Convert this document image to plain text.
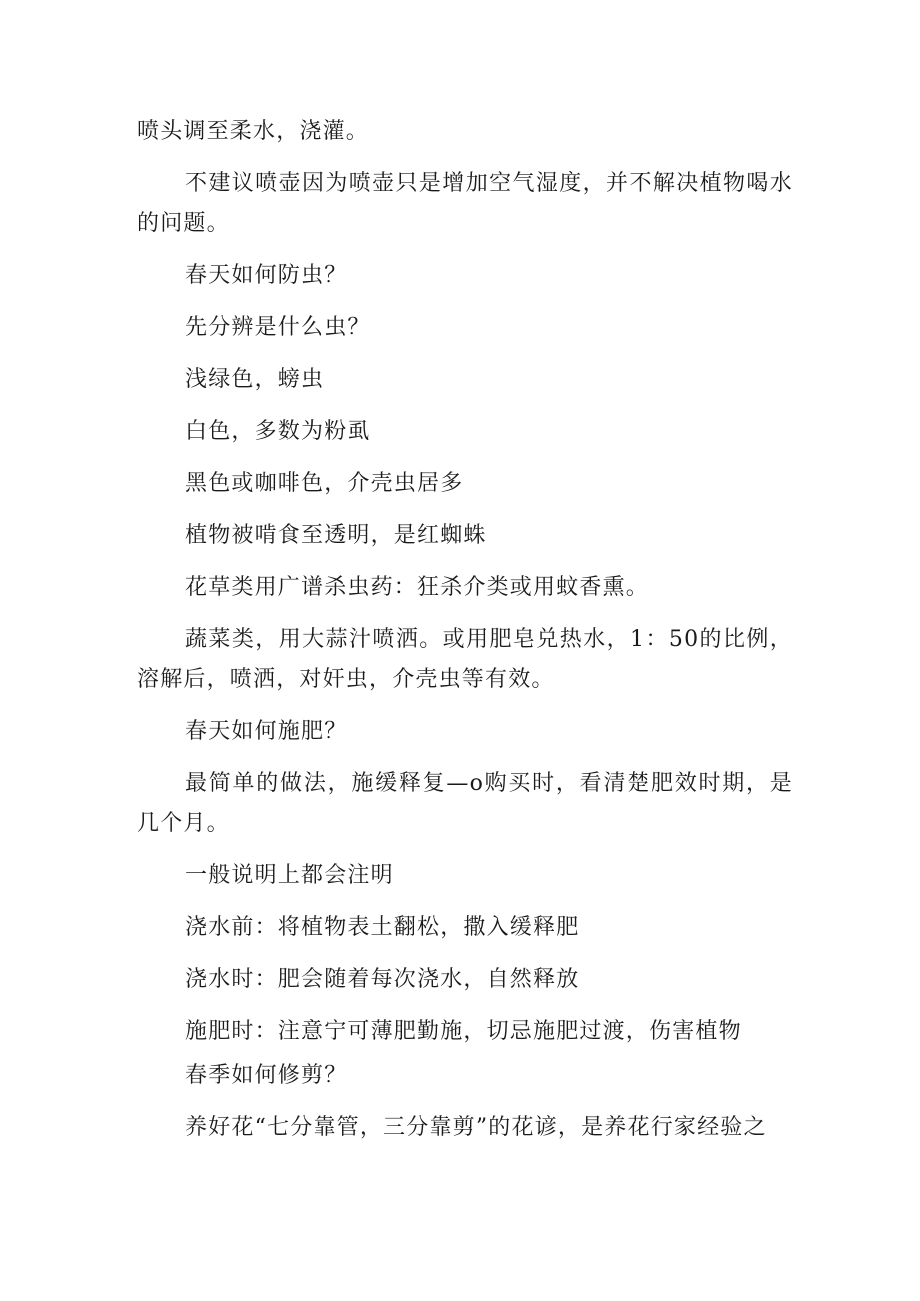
喷头调至柔水，浇灌。

不建议喷壶因为喷壶只是增加空气湿度，并不解决植物喝水的问题。

春天如何防虫？

先分辨是什么虫？

浅绿色，螃虫

白色，多数为粉虱

黑色或咖啡色，介壳虫居多

植物被啃食至透明，是红蜘蛛

花草类用广谱杀虫药：狂杀介类或用蚊香熏。

蔬菜类，用大蒜汁喷洒。或用肥皂兑热水，1：50的比例，溶解后，喷洒，对奸虫，介壳虫等有效。

春天如何施肥？

最简单的做法，施缓释复—o购买时，看清楚肥效时期，是几个月。

一般说明上都会注明

浇水前：将植物表土翻松，撒入缓释肥

浇水时：肥会随着每次浇水，自然释放

施肥时：注意宁可薄肥勤施，切忌施肥过渡，伤害植物

春季如何修剪？

养好花“七分靠管，三分靠剪”的花谚，是养花行家经验之
